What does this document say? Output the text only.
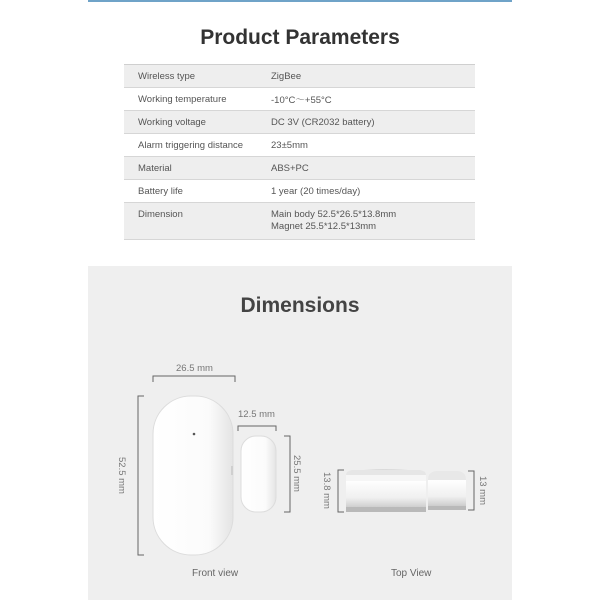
Product Parameters
Wireless type	ZigBee
Working temperature	-10°C～+55°C
Working voltage	DC 3V (CR2032 battery)
Alarm triggering distance	23±5mm
Material	ABS+PC
Battery life	1 year (20 times/day)
Dimension	Main body 52.5*26.5*13.8mm
Magnet 25.5*12.5*13mm
Dimensions
26.5 mm
12.5 mm
52.5 mm	25.5 mm 13.8 mm	13 mm
Front view	Top View
